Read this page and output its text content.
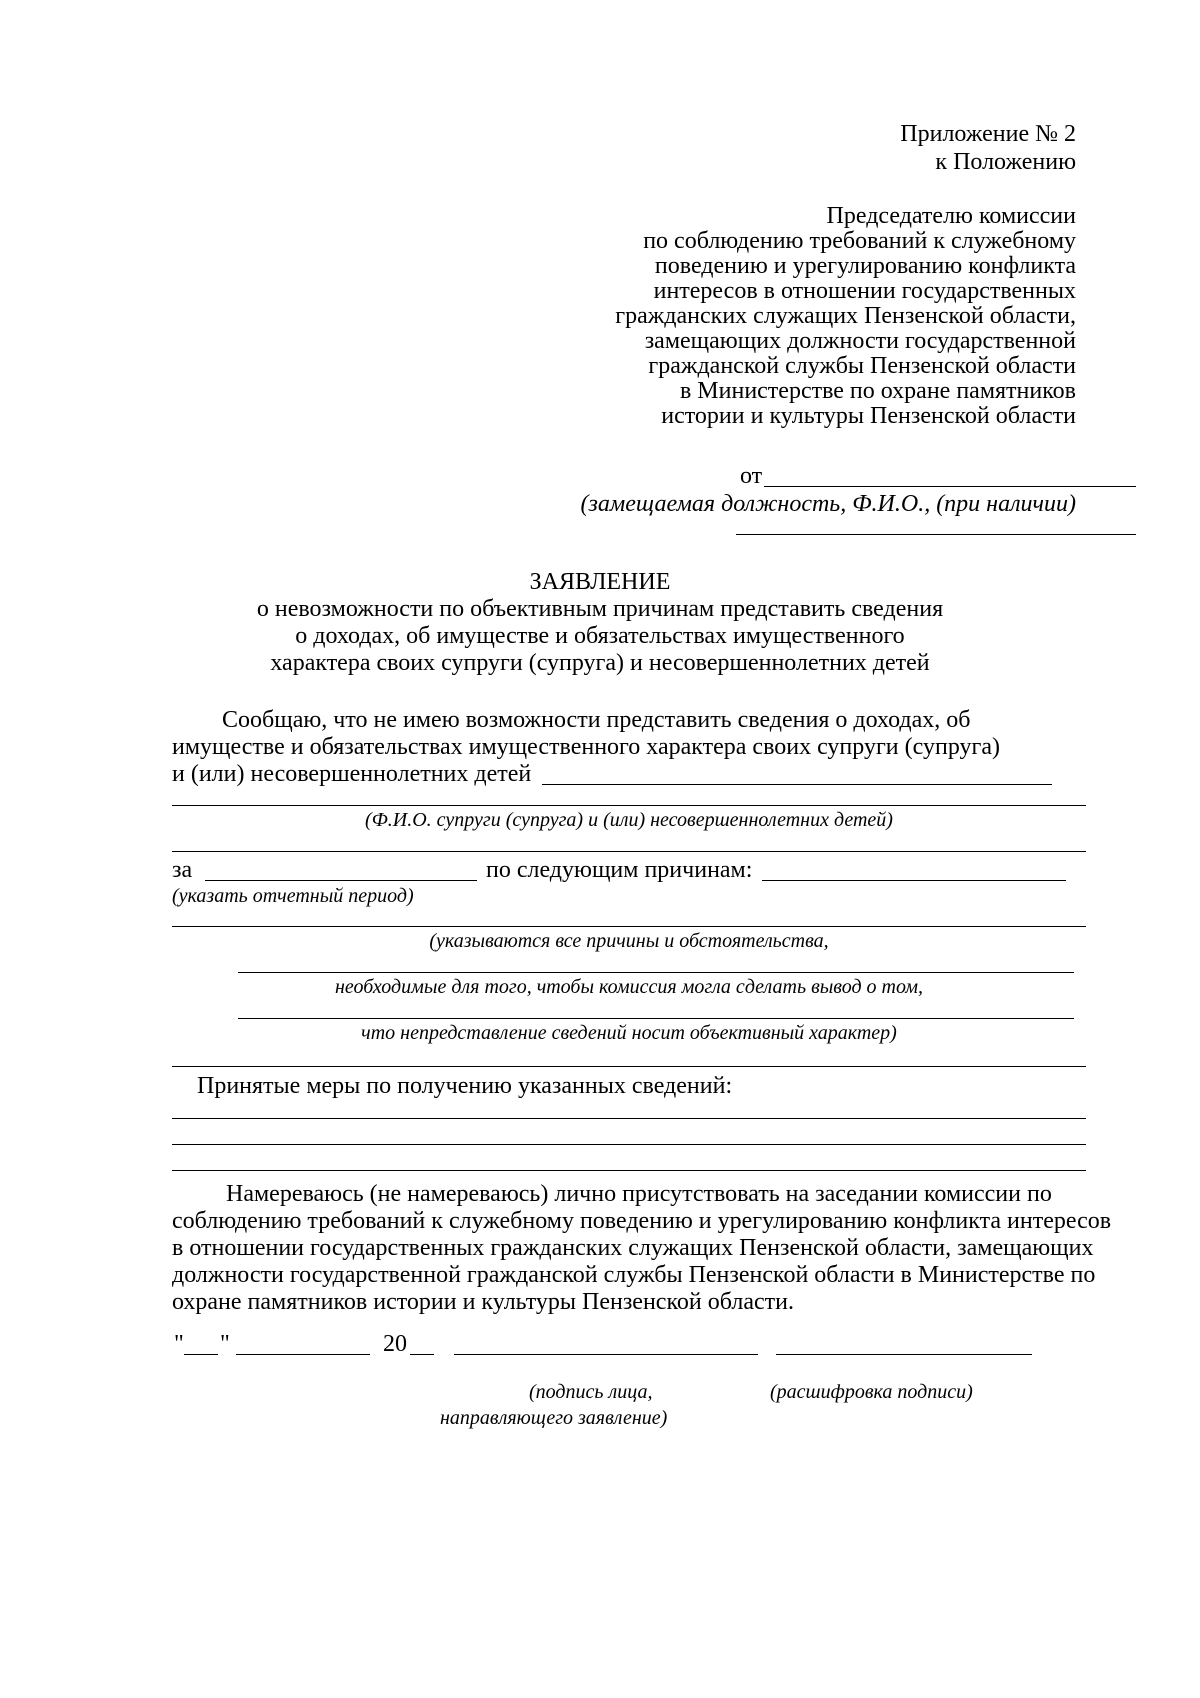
Приложение № 2
к Положению
Председателю комиссии
по соблюдению требований к служебному
поведению и урегулированию конфликта
интересов в отношении государственных
гражданских служащих Пензенской области,
замещающих должности государственной
гражданской службы Пензенской области
в Министерстве по охране памятников
истории и культуры Пензенской области
от
(замещаемая должность, Ф.И.О., (при наличии)
ЗАЯВЛЕНИЕ
о невозможности по объективным причинам представить сведения
о доходах, об имуществе и обязательствах имущественного
характера своих супруги (супруга) и несовершеннолетних детей
Сообщаю, что не имею возможности представить сведения о доходах, об
имуществе и обязательствах имущественного характера своих супруги (супруга)
и (или) несовершеннолетних детей
(Ф.И.О. супруги (супруга) и (или) несовершеннолетних детей)
за	по следующим причинам:
(указать отчетный период)
(указываются все причины и обстоятельства,
необходимые для того, чтобы комиссия могла сделать вывод о том,
что непредставление сведений носит объективный характер)
Принятые меры по получению указанных сведений:
Намереваюсь (не намереваюсь) лично присутствовать на заседании комиссии по
соблюдению требований к служебному поведению и урегулированию конфликта интересов
в отношении государственных гражданских служащих Пензенской области, замещающих
должности государственной гражданской службы Пензенской области в Министерстве по
охране памятников истории и культуры Пензенской области.
" "	20
(подпись лица,
направляющего заявление)
(расшифровка подписи)
